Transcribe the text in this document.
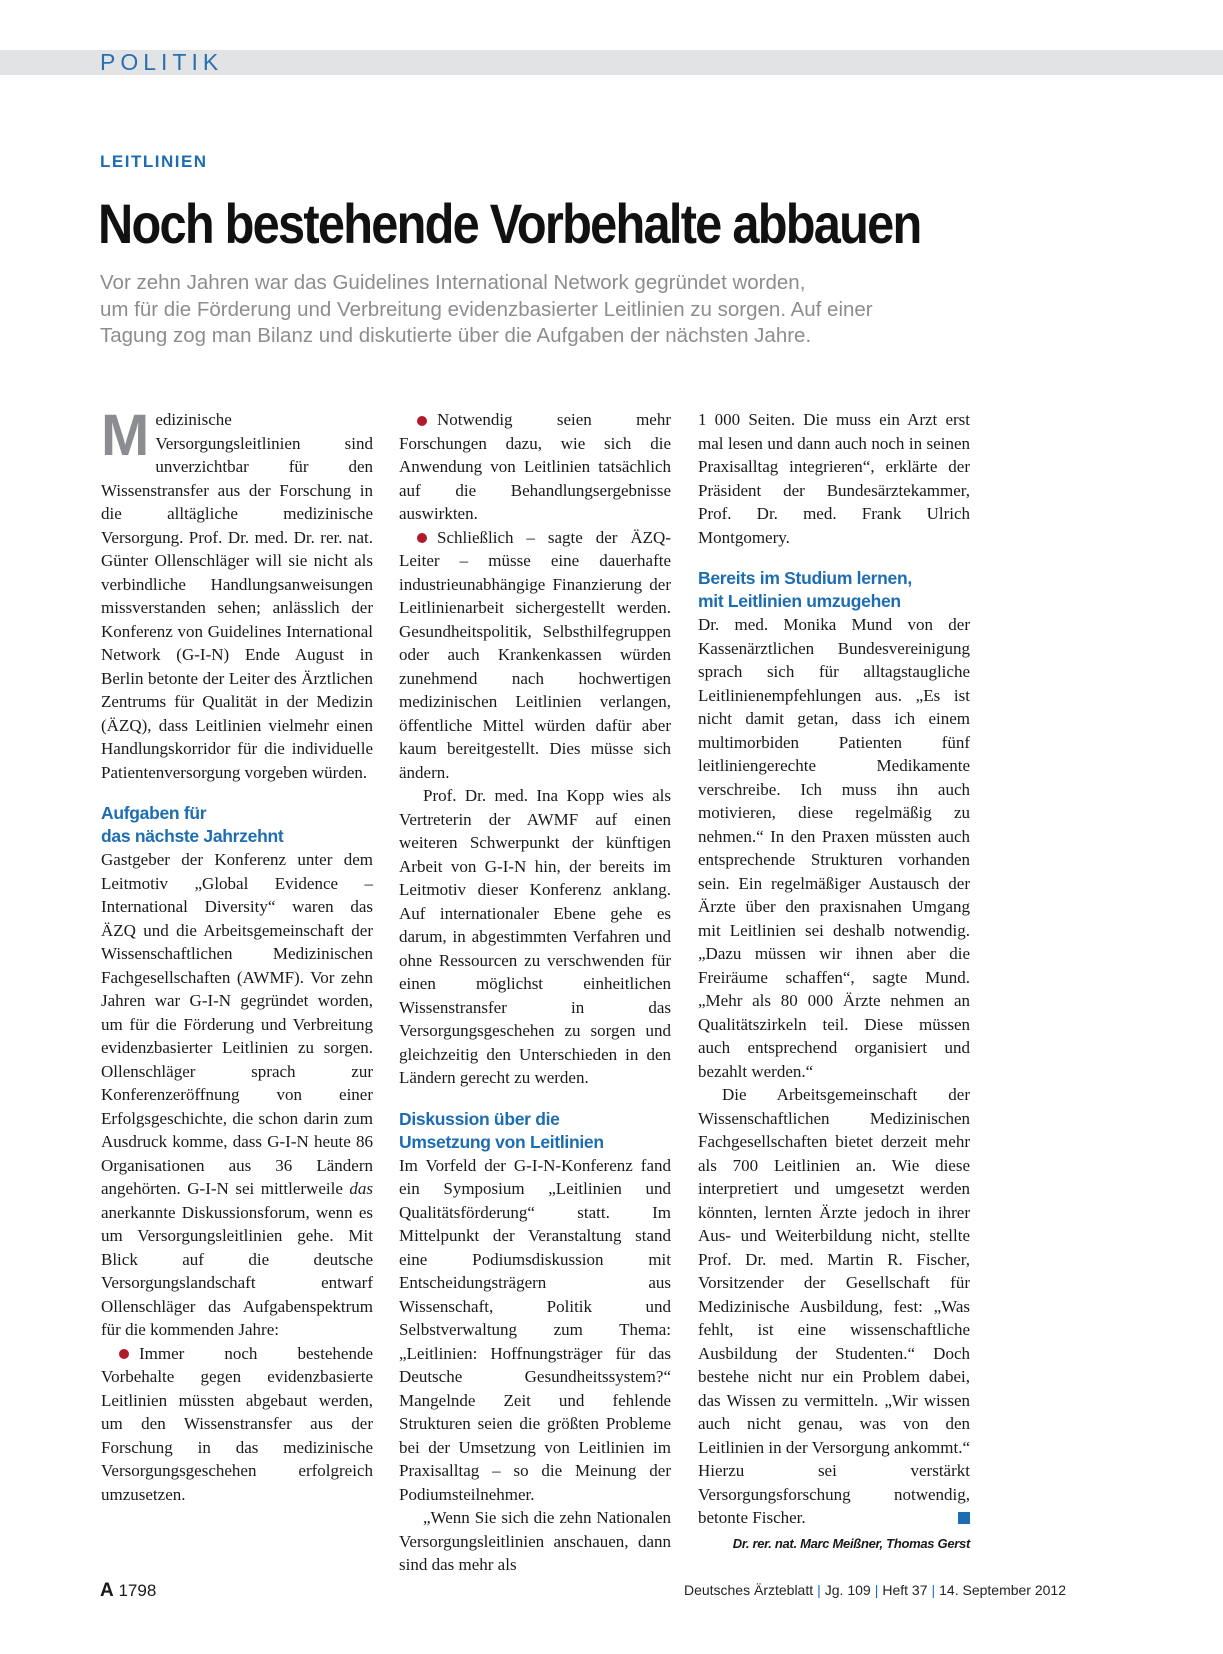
POLITIK
LEITLINIEN
Noch bestehende Vorbehalte abbauen
Vor zehn Jahren war das Guidelines International Network gegründet worden,
um für die Förderung und Verbreitung evidenzbasierter Leitlinien zu sorgen. Auf einer
Tagung zog man Bilanz und diskutierte über die Aufgaben der nächsten Jahre.

Medizinische Versorgungsleitlinien sind unverzichtbar für den Wissenstransfer aus der Forschung in die alltägliche medizinische Versorgung. Prof. Dr. med. Dr. rer. nat. Günter Ollenschläger will sie nicht als verbindliche Handlungsanweisungen missverstanden sehen; anlässlich der Konferenz von Guidelines International Network (G-I-N) Ende August in Berlin betonte der Leiter des Ärztlichen Zentrums für Qualität in der Medizin (ÄZQ), dass Leitlinien vielmehr einen Handlungskorridor für die individuelle Patientenversorgung vorgeben würden.

Aufgaben für
das nächste Jahrzehnt

Gastgeber der Konferenz unter dem Leitmotiv „Global Evidence – International Diversity“ waren das ÄZQ und die Arbeitsgemeinschaft der Wissenschaftlichen Medizinischen Fachgesellschaften (AWMF). Vor zehn Jahren war G-I-N gegründet worden, um für die Förderung und Verbreitung evidenzbasierter Leitlinien zu sorgen. Ollenschläger sprach zur Konferenzeröffnung von einer Erfolgsgeschichte, die schon darin zum Ausdruck komme, dass G-I-N heute 86 Organisationen aus 36 Ländern angehörten. G-I-N sei mittlerweile das anerkannte Diskussionsforum, wenn es um Versorgungsleitlinien gehe. Mit Blick auf die deutsche Versorgungslandschaft entwarf Ollenschläger das Aufgabenspektrum für die kommenden Jahre:

Immer noch bestehende Vorbehalte gegen evidenzbasierte Leitlinien müssten abgebaut werden, um den Wissenstransfer aus der Forschung in das medizinische Versorgungsgeschehen erfolgreich umzusetzen.

Notwendig seien mehr Forschungen dazu, wie sich die Anwendung von Leitlinien tatsächlich auf die Behandlungsergebnisse auswirkten.

Schließlich – sagte der ÄZQ-Leiter – müsse eine dauerhafte industrieunabhängige Finanzierung der Leitlinienarbeit sichergestellt werden. Gesundheitspolitik, Selbsthilfegruppen oder auch Krankenkassen würden zunehmend nach hochwertigen medizinischen Leitlinien verlangen, öffentliche Mittel würden dafür aber kaum bereitgestellt. Dies müsse sich ändern.

Prof. Dr. med. Ina Kopp wies als Vertreterin der AWMF auf einen weiteren Schwerpunkt der künftigen Arbeit von G-I-N hin, der bereits im Leitmotiv dieser Konferenz anklang. Auf internationaler Ebene gehe es darum, in abgestimmten Verfahren und ohne Ressourcen zu verschwenden für einen möglichst einheitlichen Wissenstransfer in das Versorgungsgeschehen zu sorgen und gleichzeitig den Unterschieden in den Ländern gerecht zu werden.

Diskussion über die
Umsetzung von Leitlinien

Im Vorfeld der G-I-N-Konferenz fand ein Symposium „Leitlinien und Qualitätsförderung“ statt. Im Mittelpunkt der Veranstaltung stand eine Podiumsdiskussion mit Entscheidungsträgern aus Wissenschaft, Politik und Selbstverwaltung zum Thema: „Leitlinien: Hoffnungsträger für das Deutsche Gesundheitssystem?“ Mangelnde Zeit und fehlende Strukturen seien die größten Probleme bei der Umsetzung von Leitlinien im Praxisalltag – so die Meinung der Podiumsteilnehmer.

„Wenn Sie sich die zehn Nationalen Versorgungsleitlinien anschauen, dann sind das mehr als

1 000 Seiten. Die muss ein Arzt erst mal lesen und dann auch noch in seinen Praxisalltag integrieren“, erklärte der Präsident der Bundesärztekammer, Prof. Dr. med. Frank Ulrich Montgomery.

Bereits im Studium lernen,
mit Leitlinien umzugehen

Dr. med. Monika Mund von der Kassenärztlichen Bundesvereinigung sprach sich für alltagstaugliche Leitlinienempfehlungen aus. „Es ist nicht damit getan, dass ich einem multimorbiden Patienten fünf leitliniengerechte Medikamente verschreibe. Ich muss ihn auch motivieren, diese regelmäßig zu nehmen.“ In den Praxen müssten auch entsprechende Strukturen vorhanden sein. Ein regelmäßiger Austausch der Ärzte über den praxisnahen Umgang mit Leitlinien sei deshalb notwendig. „Dazu müssen wir ihnen aber die Freiräume schaffen“, sagte Mund. „Mehr als 80 000 Ärzte nehmen an Qualitätszirkeln teil. Diese müssen auch entsprechend organisiert und bezahlt werden.“

Die Arbeitsgemeinschaft der Wissenschaftlichen Medizinischen Fachgesellschaften bietet derzeit mehr als 700 Leitlinien an. Wie diese interpretiert und umgesetzt werden könnten, lernten Ärzte jedoch in ihrer Aus- und Weiterbildung nicht, stellte Prof. Dr. med. Martin R. Fischer, Vorsitzender der Gesellschaft für Medizinische Ausbildung, fest: „Was fehlt, ist eine wissenschaftliche Ausbildung der Studenten.“ Doch bestehe nicht nur ein Problem dabei, das Wissen zu vermitteln. „Wir wissen auch nicht genau, was von den Leitlinien in der Versorgung ankommt.“ Hierzu sei verstärkt Versorgungsforschung notwendig, betonte Fischer.

Dr. rer. nat. Marc Meißner, Thomas Gerst
A 1798	Deutsches Ärzteblatt | Jg. 109 | Heft 37 | 14. September 2012
